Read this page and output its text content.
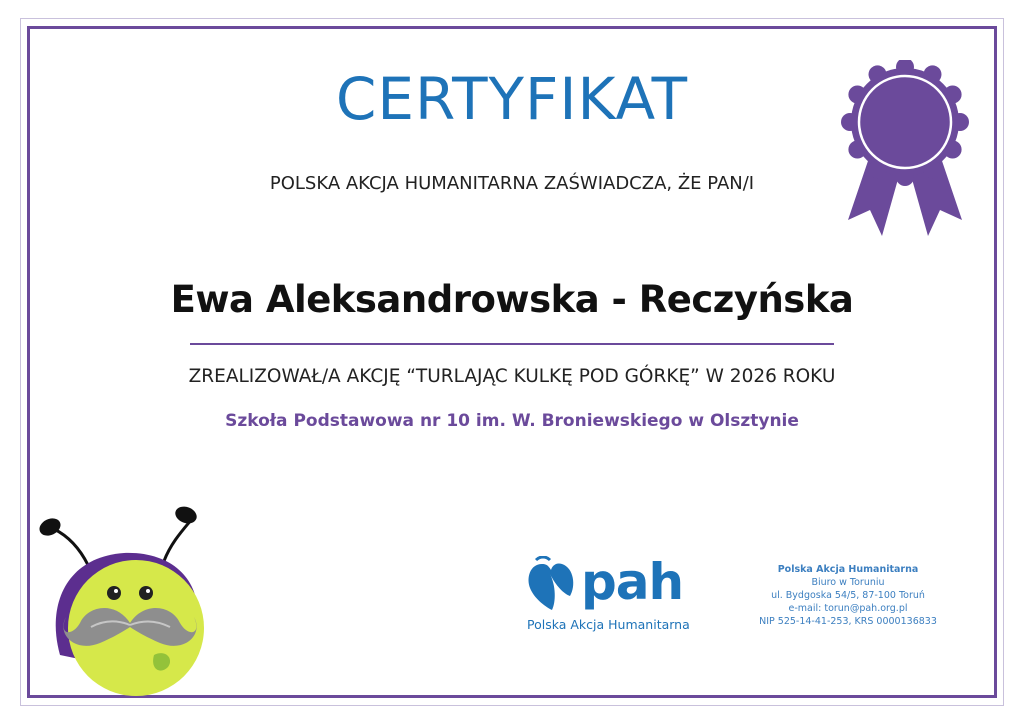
CERTYFIKAT
POLSKA AKCJA HUMANITARNA ZAŚWIADCZA, ŻE PAN/I
Ewa Aleksandrowska - Reczyńska
ZREALIZOWAŁ/A AKCJĘ “TURLAJĄC KULKĘ POD GÓRKĘ” W 2026 ROKU
Szkoła Podstawowa nr 10 im. W. Broniewskiego w Olsztynie
pah
Polska Akcja Humanitarna
Polska Akcja Humanitarna
Biuro w Toruniu
ul. Bydgoska 54/5, 87-100 Toruń
e-mail: torun@pah.org.pl
NIP 525-14-41-253, KRS 0000136833
